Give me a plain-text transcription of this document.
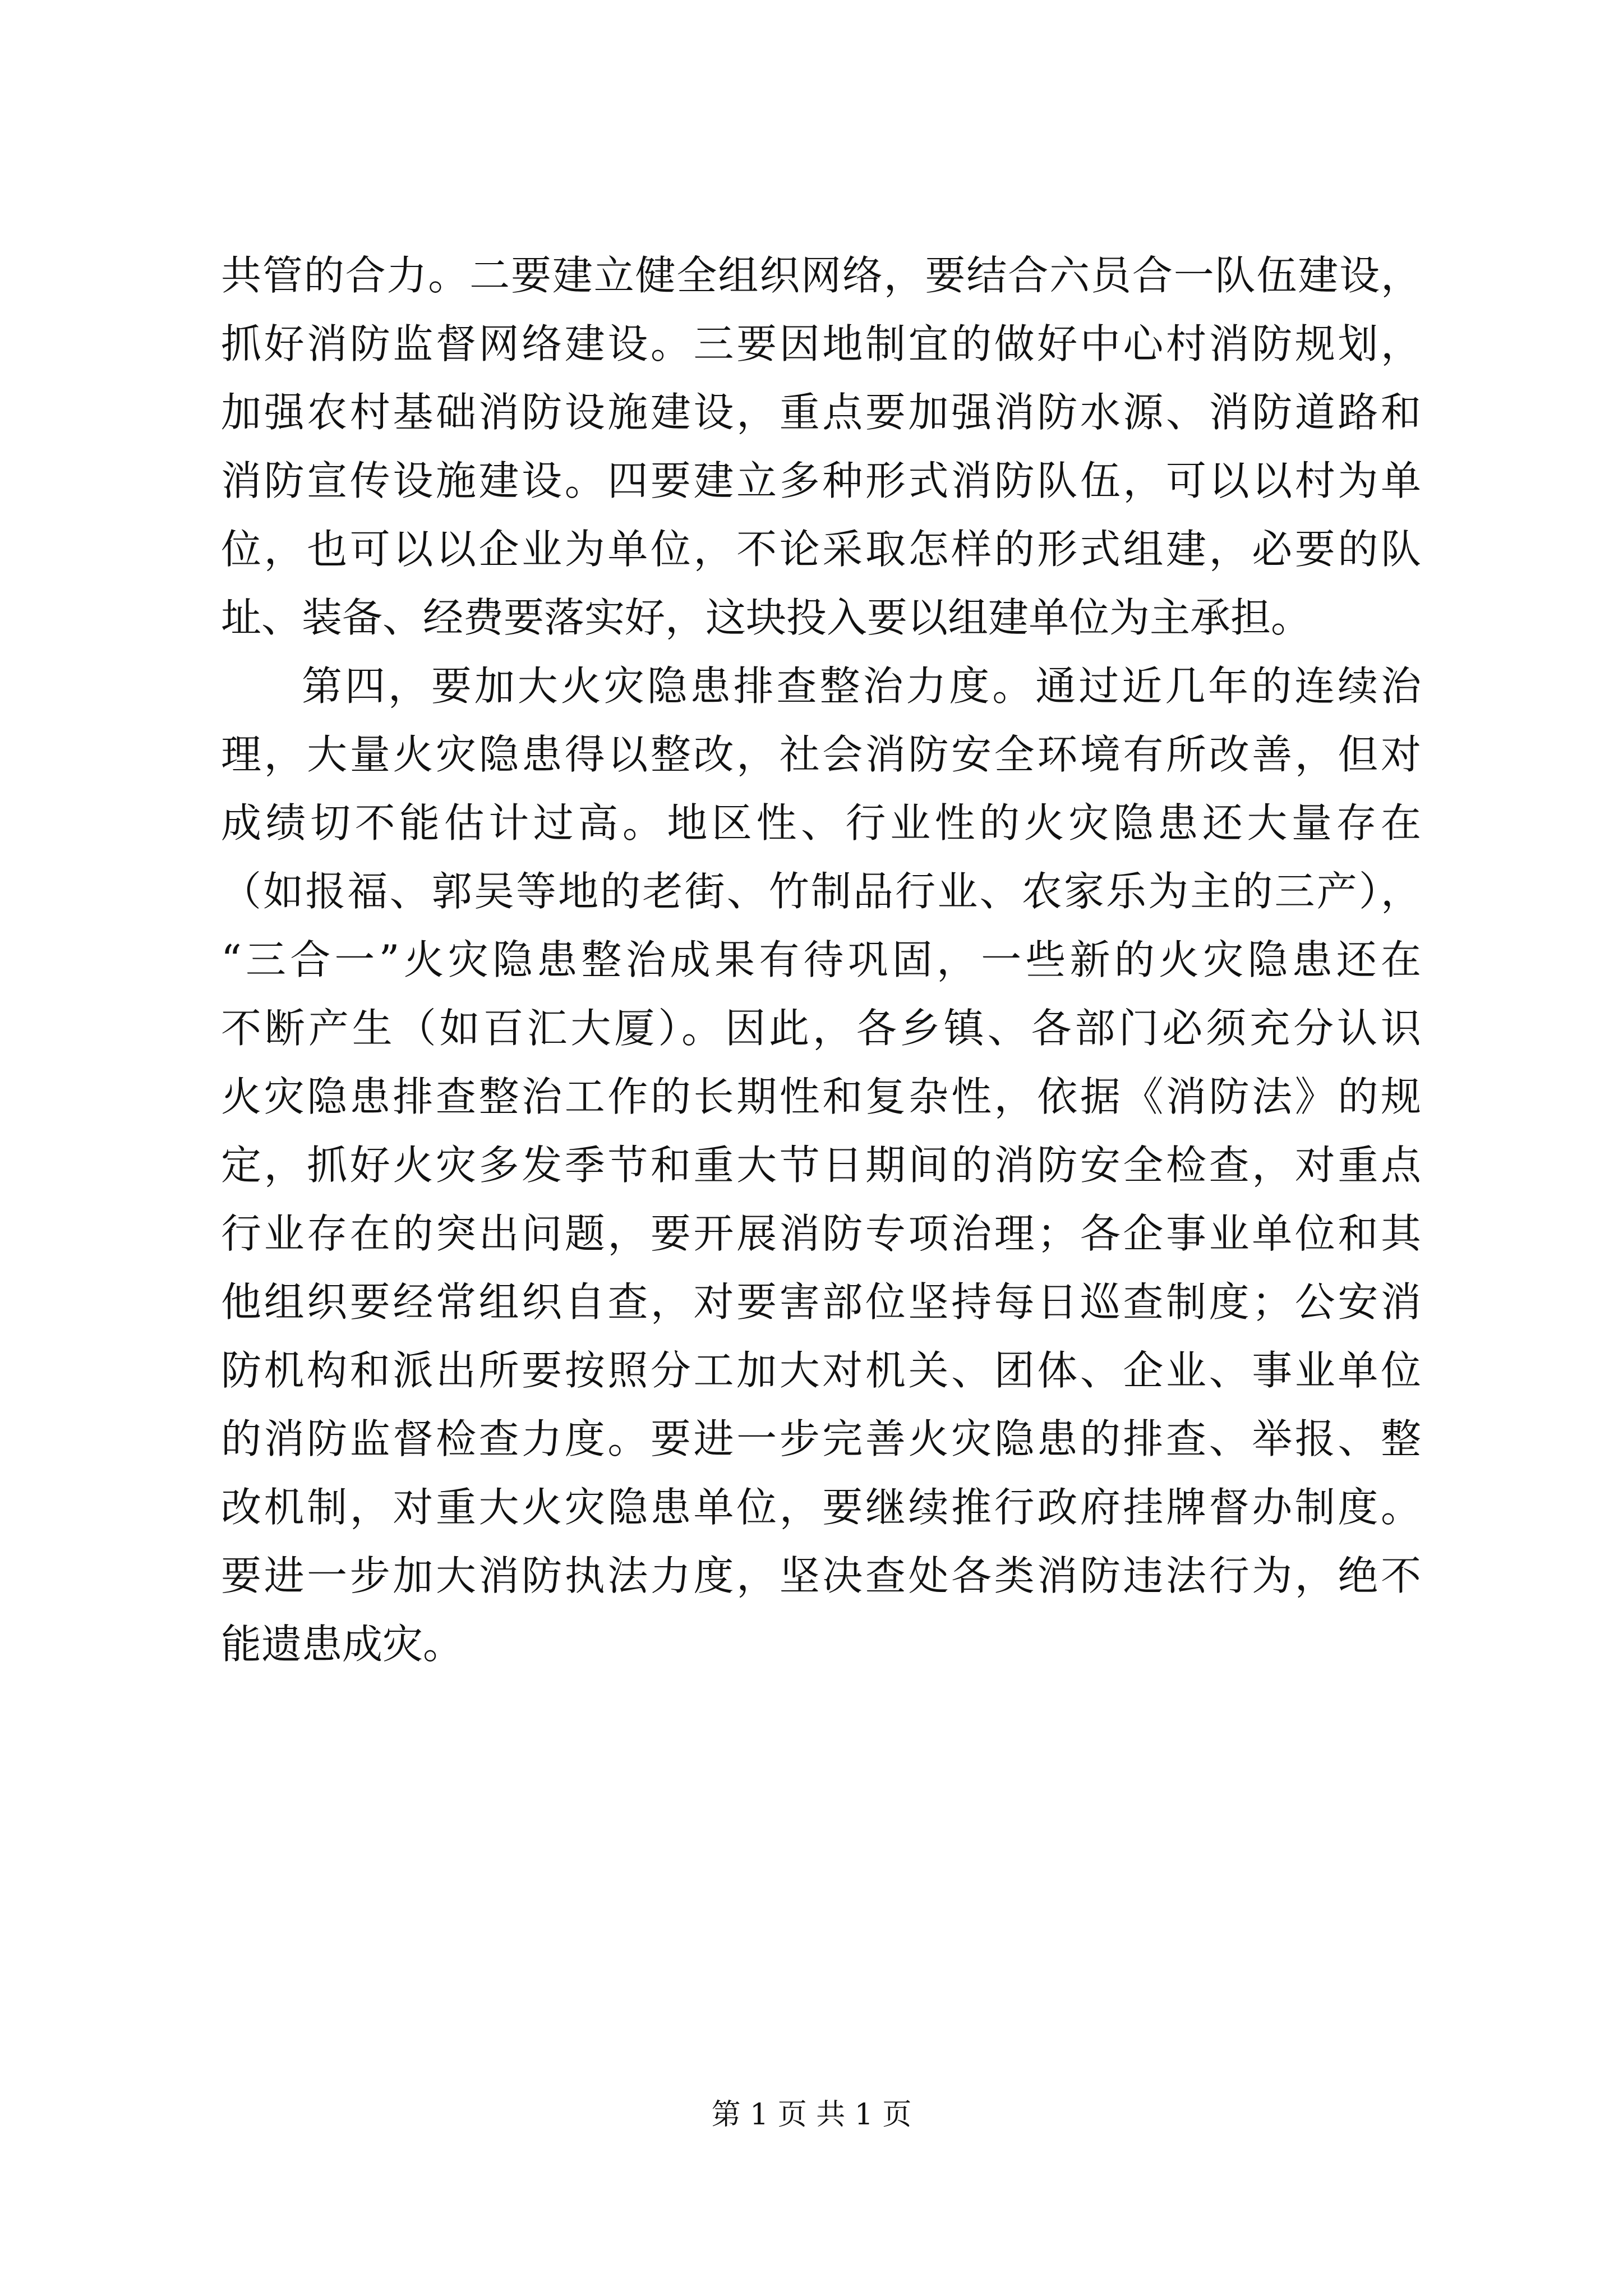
共管的合力。二要建立健全组织网络，要结合六员合一队伍建设，
抓好消防监督网络建设。三要因地制宜的做好中心村消防规划，
加强农村基础消防设施建设，重点要加强消防水源、消防道路和
消防宣传设施建设。四要建立多种形式消防队伍，可以以村为单
位，也可以以企业为单位，不论采取怎样的形式组建，必要的队
址、装备、经费要落实好，这块投入要以组建单位为主承担。
第四，要加大火灾隐患排查整治力度。通过近几年的连续治
理，大量火灾隐患得以整改，社会消防安全环境有所改善，但对
成绩切不能估计过高。地区性、行业性的火灾隐患还大量存在
（如报福、郭吴等地的老街、竹制品行业、农家乐为主的三产），
“三合一”火灾隐患整治成果有待巩固，一些新的火灾隐患还在
不断产生（如百汇大厦）。因此，各乡镇、各部门必须充分认识
火灾隐患排查整治工作的长期性和复杂性，依据《消防法》的规
定，抓好火灾多发季节和重大节日期间的消防安全检查，对重点
行业存在的突出问题，要开展消防专项治理；各企事业单位和其
他组织要经常组织自查，对要害部位坚持每日巡查制度；公安消
防机构和派出所要按照分工加大对机关、团体、企业、事业单位
的消防监督检查力度。要进一步完善火灾隐患的排查、举报、整
改机制，对重大火灾隐患单位，要继续推行政府挂牌督办制度。
要进一步加大消防执法力度，坚决查处各类消防违法行为，绝不
能遗患成灾。
第 1 页 共 1 页
